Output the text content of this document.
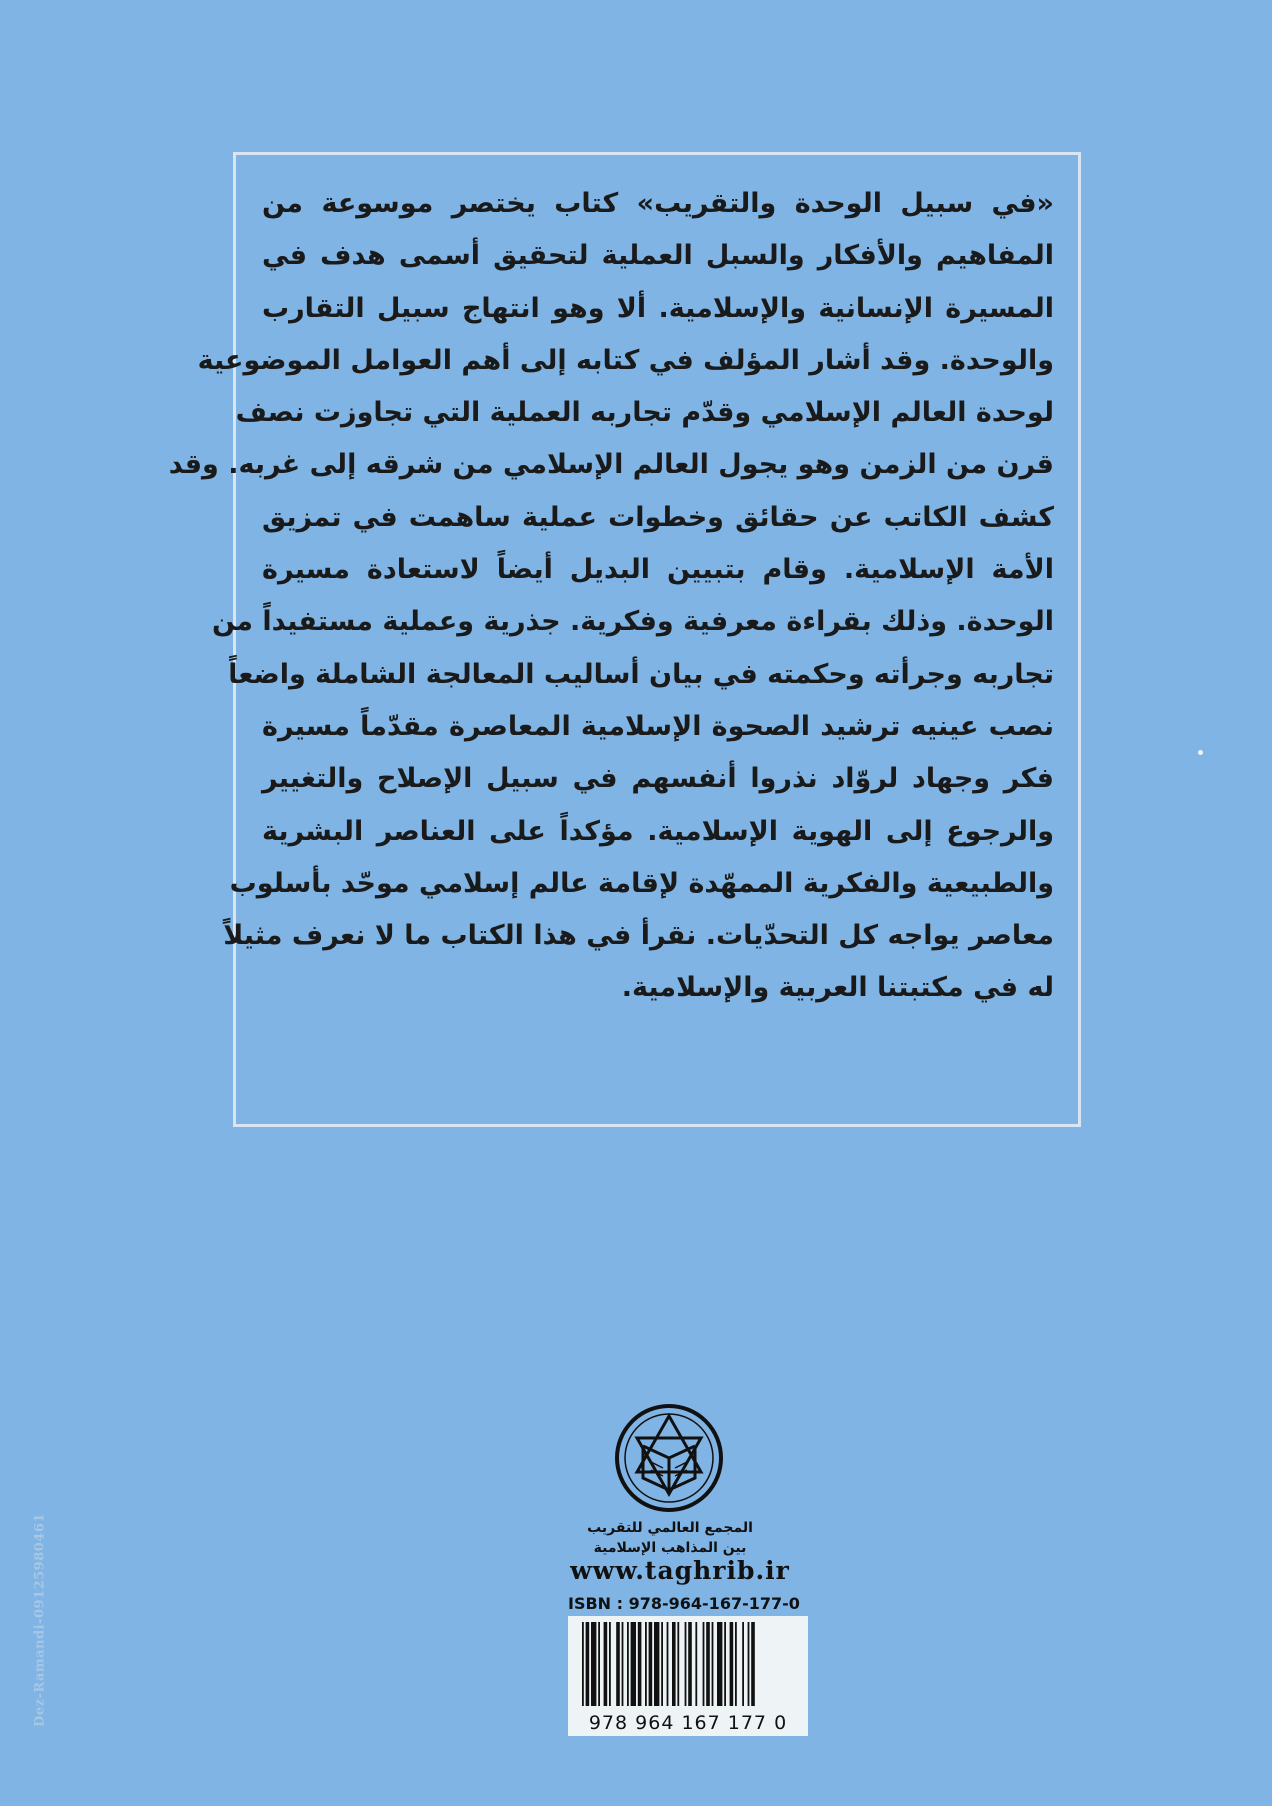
«في سبيل الوحدة والتقريب» كتاب يختصر موسوعة من
المفاهيم والأفكار والسبل العملية لتحقيق أسمى هدف في
المسيرة الإنسانية والإسلامية. ألا وهو انتهاج سبيل التقارب
والوحدة. وقد أشار المؤلف في كتابه إلى أهم العوامل الموضوعية
لوحدة العالم الإسلامي وقدّم تجاربه العملية التي تجاوزت نصف
قرن من الزمن وهو يجول العالم الإسلامي من شرقه إلى غربه. وقد
كشف الكاتب عن حقائق وخطوات عملية ساهمت في تمزيق
الأمة الإسلامية. وقام بتبيين البديل أيضاً لاستعادة مسيرة
الوحدة. وذلك بقراءة معرفية وفكرية. جذرية وعملية مستفيداً من
تجاربه وجرأته وحكمته في بيان أساليب المعالجة الشاملة واضعاً
نصب عينيه ترشيد الصحوة الإسلامية المعاصرة مقدّماً مسيرة
فكر وجهاد لروّاد نذروا أنفسهم في سبيل الإصلاح والتغيير
والرجوع إلى الهوية الإسلامية. مؤكداً على العناصر البشرية
والطبيعية والفكرية الممهّدة لإقامة عالم إسلامي موحّد بأسلوب
معاصر يواجه كل التحدّيات. نقرأ في هذا الكتاب ما لا نعرف مثيلاً
له في مكتبتنا العربية والإسلامية.
Dez-Ramandi-09125980461	المجمع العالمي للتقريب
بين المذاهب الإسلامية
www.taghrib.ir
ISBN : 978-964-167-177-0
978 964 167 177 0
